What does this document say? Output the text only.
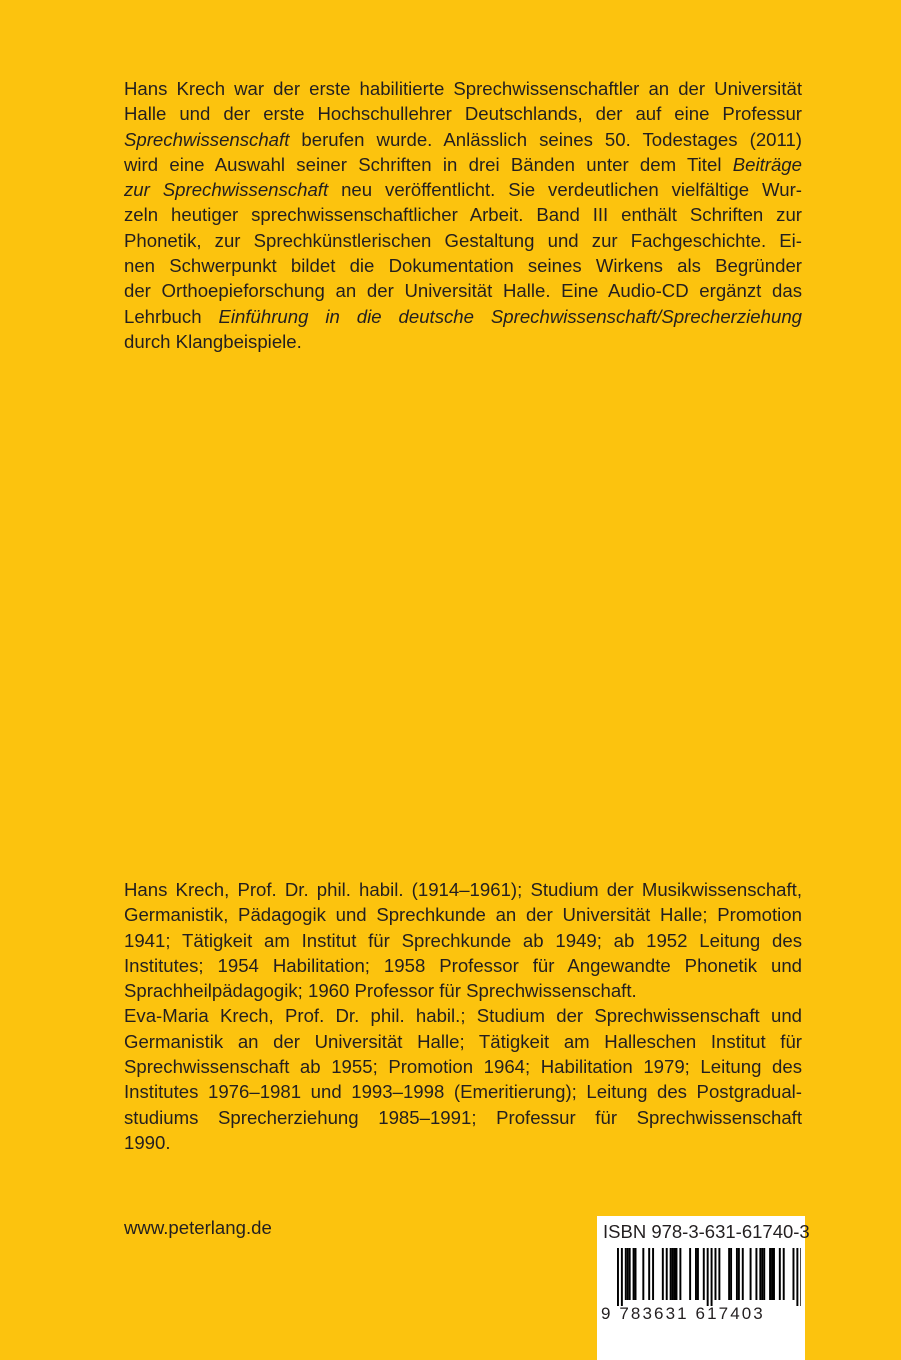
Hans Krech war der erste habilitierte Sprechwissenschaftler an der Universität
Halle und der erste Hochschullehrer Deutschlands, der auf eine Professur
Sprechwissenschaft berufen wurde. Anlässlich seines 50. Todestages (2011)
wird eine Auswahl seiner Schriften in drei Bänden unter dem Titel Beiträge
zur Sprechwissenschaft neu veröffentlicht. Sie verdeutlichen vielfältige Wur-
zeln heutiger sprechwissenschaftlicher Arbeit. Band III enthält Schriften zur
Phonetik, zur Sprechkünstlerischen Gestaltung und zur Fachgeschichte. Ei-
nen Schwerpunkt bildet die Dokumentation seines Wirkens als Begründer
der Orthoepieforschung an der Universität Halle. Eine Audio-CD ergänzt das
Lehrbuch Einführung in die deutsche Sprechwissenschaft/Sprecherziehung
durch Klangbeispiele.
Hans Krech, Prof. Dr. phil. habil. (1914–1961); Studium der Musikwissenschaft,
Germanistik, Pädagogik und Sprechkunde an der Universität Halle; Promotion
1941; Tätigkeit am Institut für Sprechkunde ab 1949; ab 1952 Leitung des
Institutes; 1954 Habilitation; 1958 Professor für Angewandte Phonetik und
Sprachheilpädagogik; 1960 Professor für Sprechwissenschaft.
Eva-Maria Krech, Prof. Dr. phil. habil.; Studium der Sprechwissenschaft und
Germanistik an der Universität Halle; Tätigkeit am Halleschen Institut für
Sprechwissenschaft ab 1955; Promotion 1964; Habilitation 1979; Leitung des
Institutes 1976–1981 und 1993–1998 (Emeritierung); Leitung des Postgradual-
studiums Sprecherziehung 1985–1991; Professur für Sprechwissenschaft
1990.
www.peterlang.de	ISBN 978-3-631-61740-3
9 783631 617403
